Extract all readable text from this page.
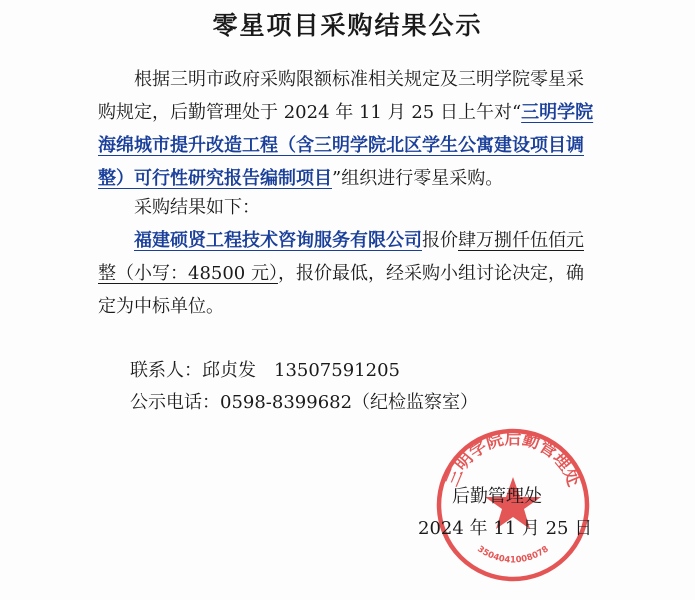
零星项目采购结果公示
根据三明市政府采购限额标准相关规定及三明学院零星采购规定，后勤管理处于 2024 年 11 月 25 日上午对“三明学院海绵城市提升改造工程（含三明学院北区学生公寓建设项目调整）可行性研究报告编制项目”组织进行零星采购。
采购结果如下：
福建硕贤工程技术咨询服务有限公司报价肆万捌仟伍佰元整（小写：48500 元），报价最低，经采购小组讨论决定，确定为中标单位。
联系人：邱贞发　13507591205
公示电话：0598-8399682（纪检监察室）
三明学院后勤管理处
3504041008078
后勤管理处
2024 年 11 月 25 日
